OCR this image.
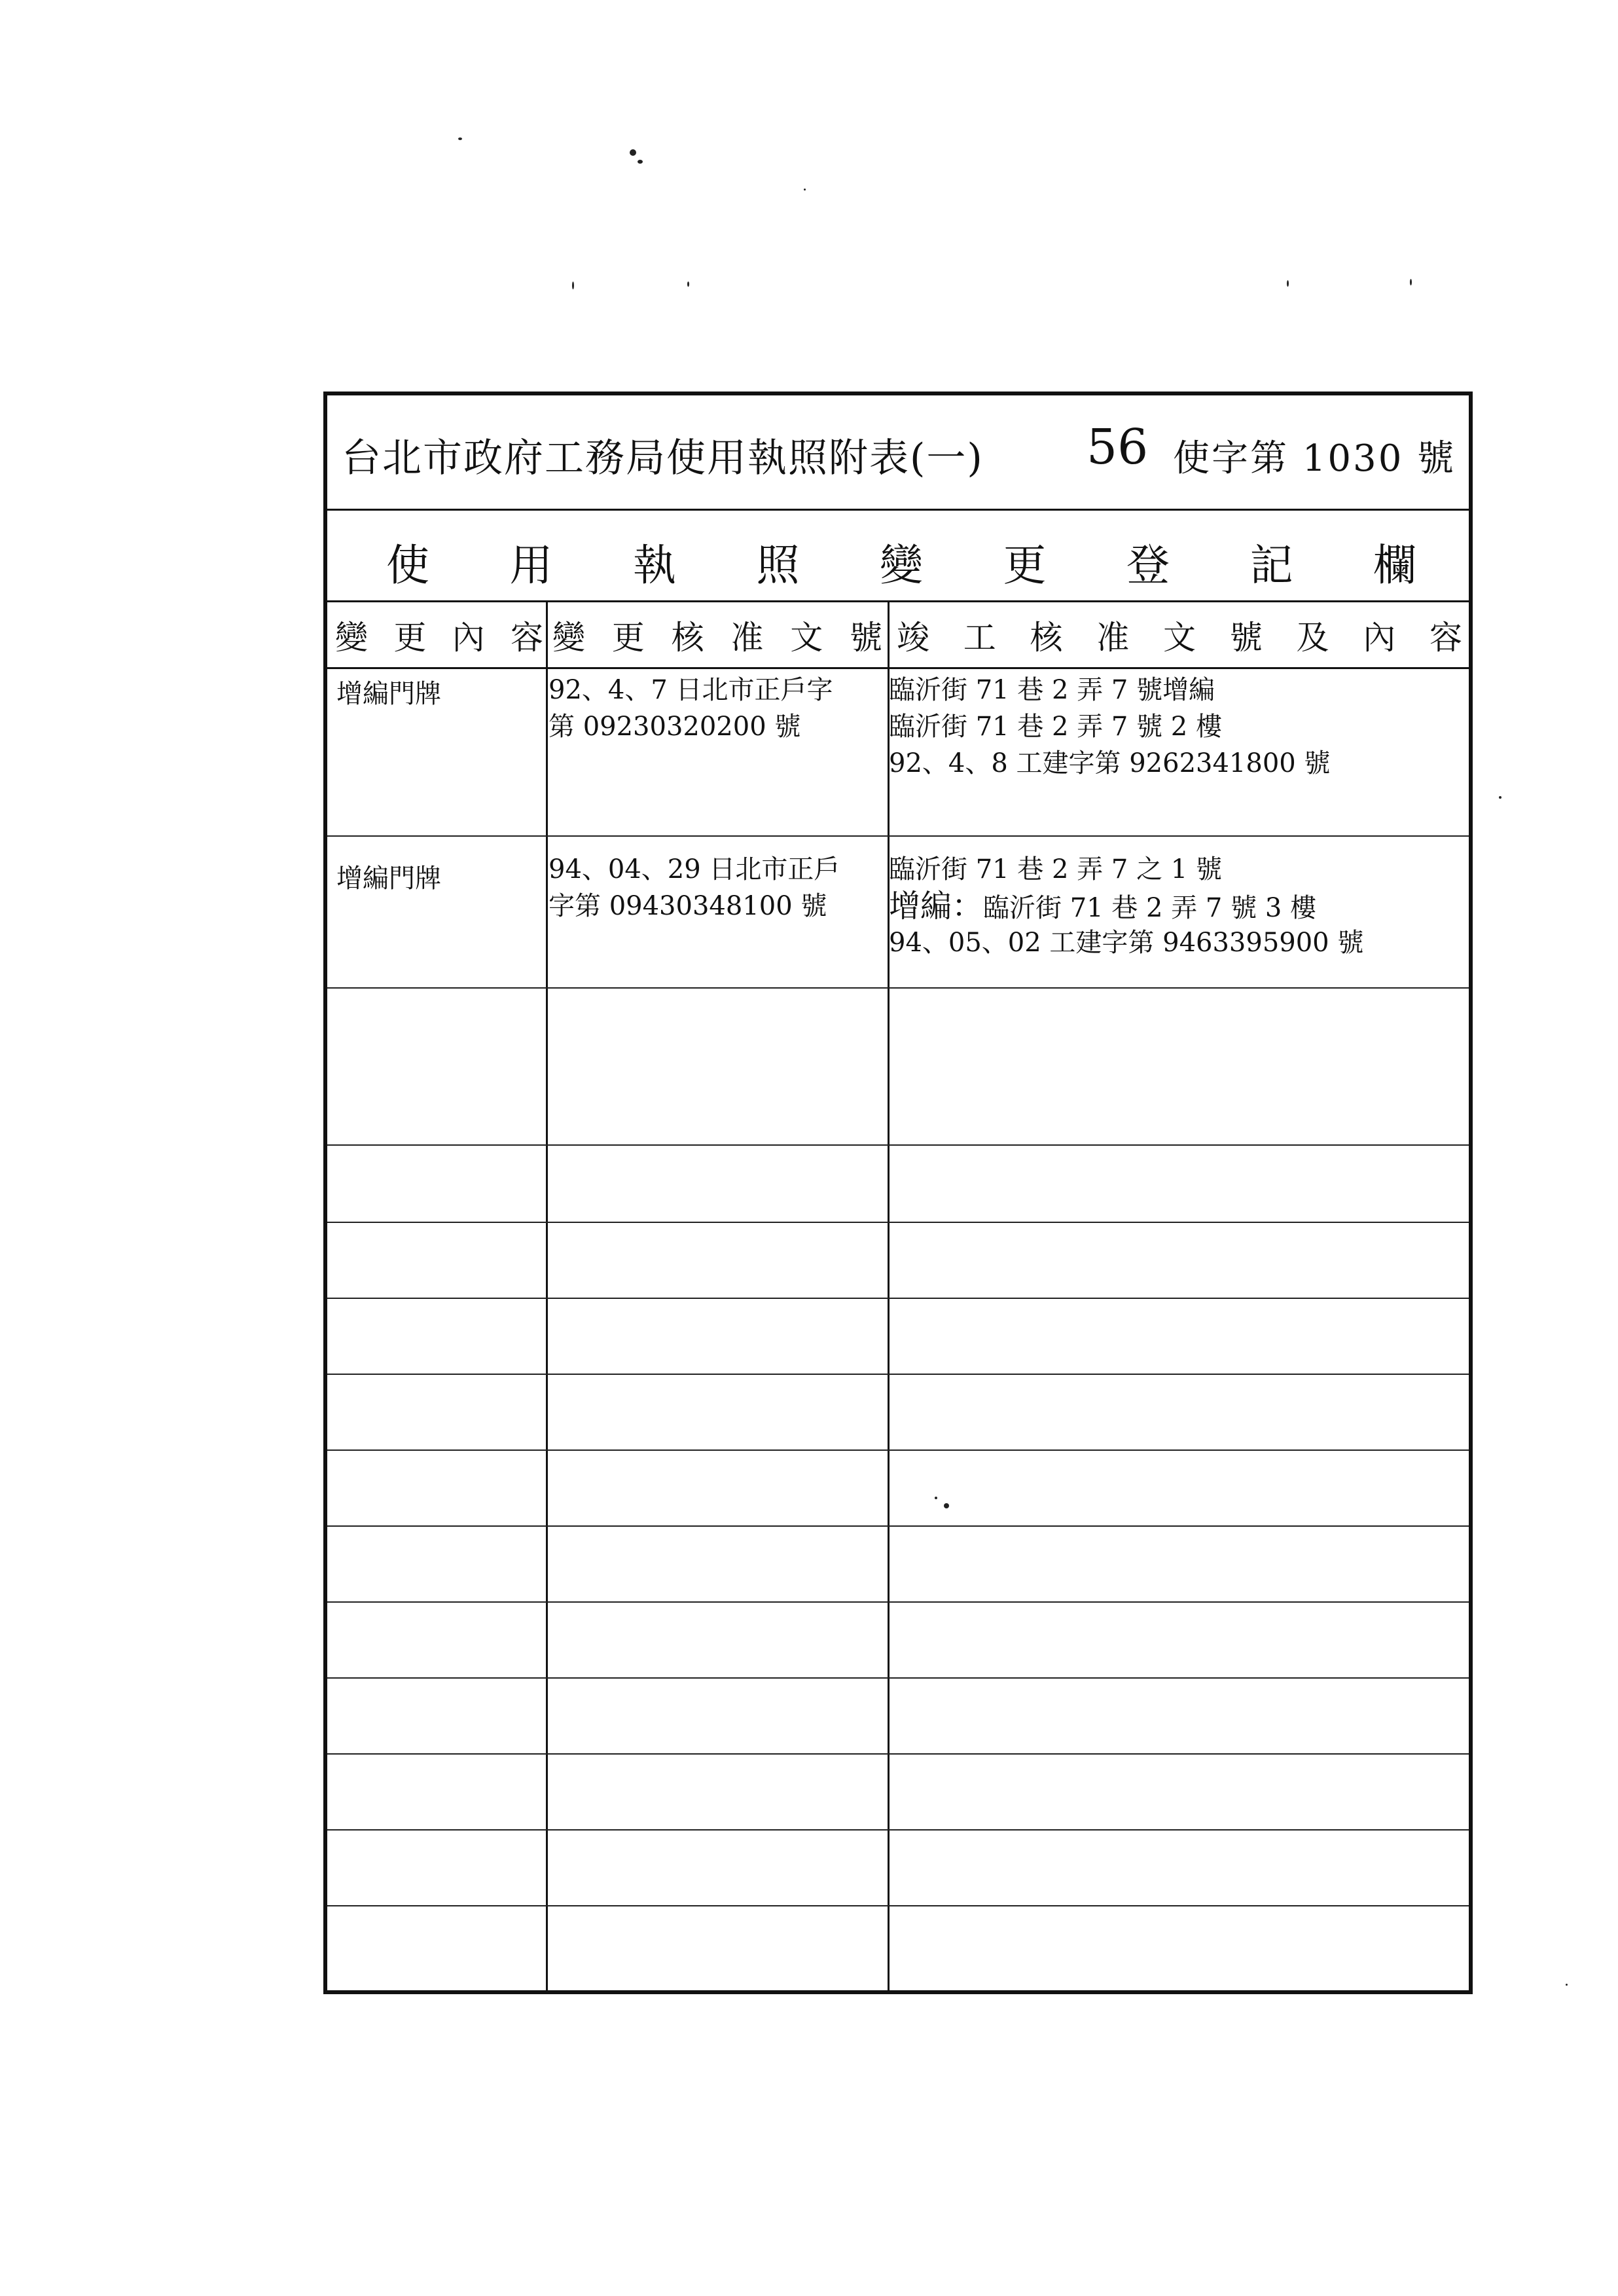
台北市政府工務局使用執照附表(一) 56 使字第 1030 號
使 用 執 照 變 更 登 記 欄
變 更 內 容 變 更 核 准 文 號 竣 工 核 准 文 號 及 內 容
增編門牌	92、4、7 日北市正戶字
第 09230320200 號
臨沂街 71 巷 2 弄 7 號增編
臨沂街 71 巷 2 弄 7 號 2 樓
92、4、8 工建字第 9262341800 號
增編門牌	94、04、29 日北市正戶
字第 09430348100 號
臨沂街 71 巷 2 弄 7 之 1 號
增編：臨沂街 71 巷 2 弄 7 號 3 樓
94、05、02 工建字第 9463395900 號
